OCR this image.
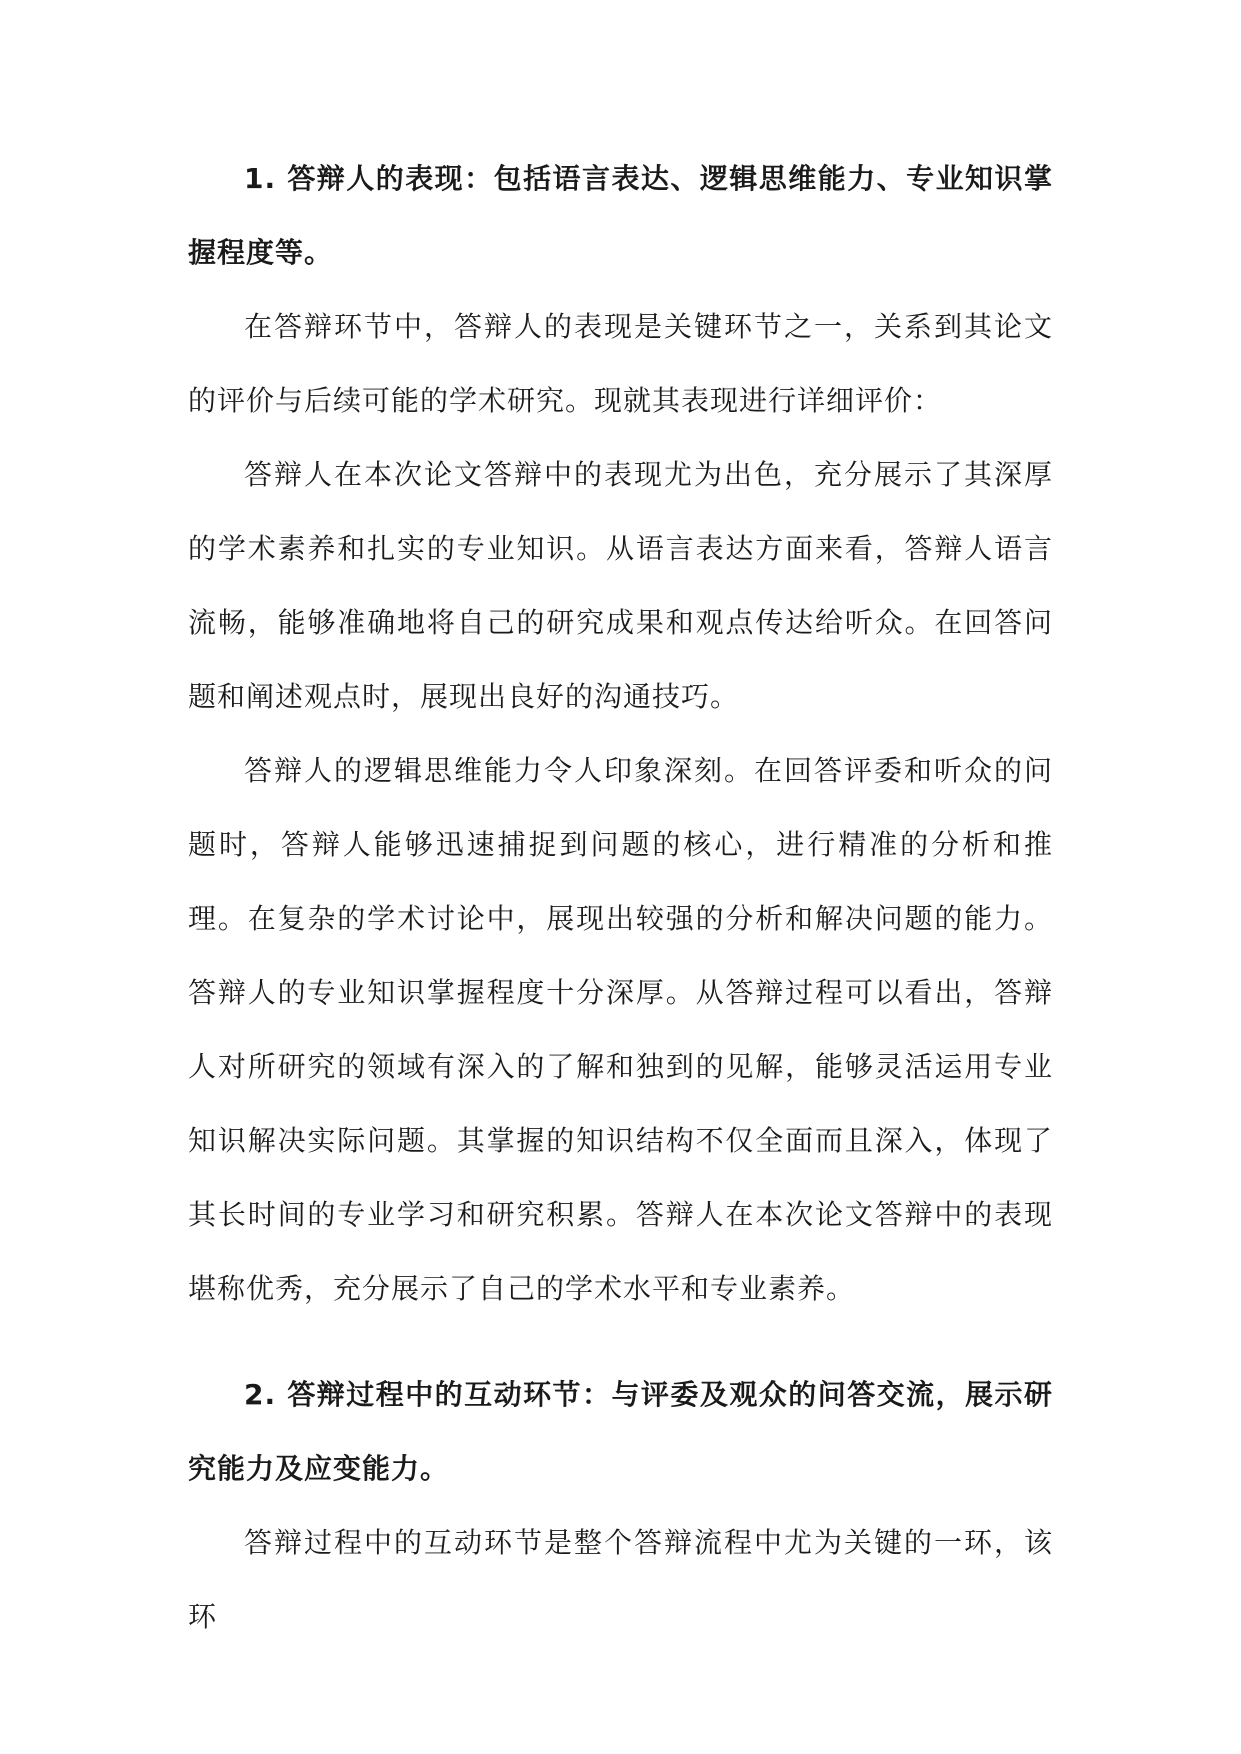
1. 答辩人的表现：包括语言表达、逻辑思维能力、专业知识掌握程度等。

在答辩环节中，答辩人的表现是关键环节之一，关系到其论文的评价与后续可能的学术研究。现就其表现进行详细评价：

答辩人在本次论文答辩中的表现尤为出色，充分展示了其深厚的学术素养和扎实的专业知识。从语言表达方面来看，答辩人语言流畅，能够准确地将自己的研究成果和观点传达给听众。在回答问题和阐述观点时，展现出良好的沟通技巧。

答辩人的逻辑思维能力令人印象深刻。在回答评委和听众的问题时，答辩人能够迅速捕捉到问题的核心，进行精准的分析和推理。在复杂的学术讨论中，展现出较强的分析和解决问题的能力。答辩人的专业知识掌握程度十分深厚。从答辩过程可以看出，答辩人对所研究的领域有深入的了解和独到的见解，能够灵活运用专业知识解决实际问题。其掌握的知识结构不仅全面而且深入，体现了其长时间的专业学习和研究积累。答辩人在本次论文答辩中的表现堪称优秀，充分展示了自己的学术水平和专业素养。

2. 答辩过程中的互动环节：与评委及观众的问答交流，展示研究能力及应变能力。

答辩过程中的互动环节是整个答辩流程中尤为关键的一环，该环
